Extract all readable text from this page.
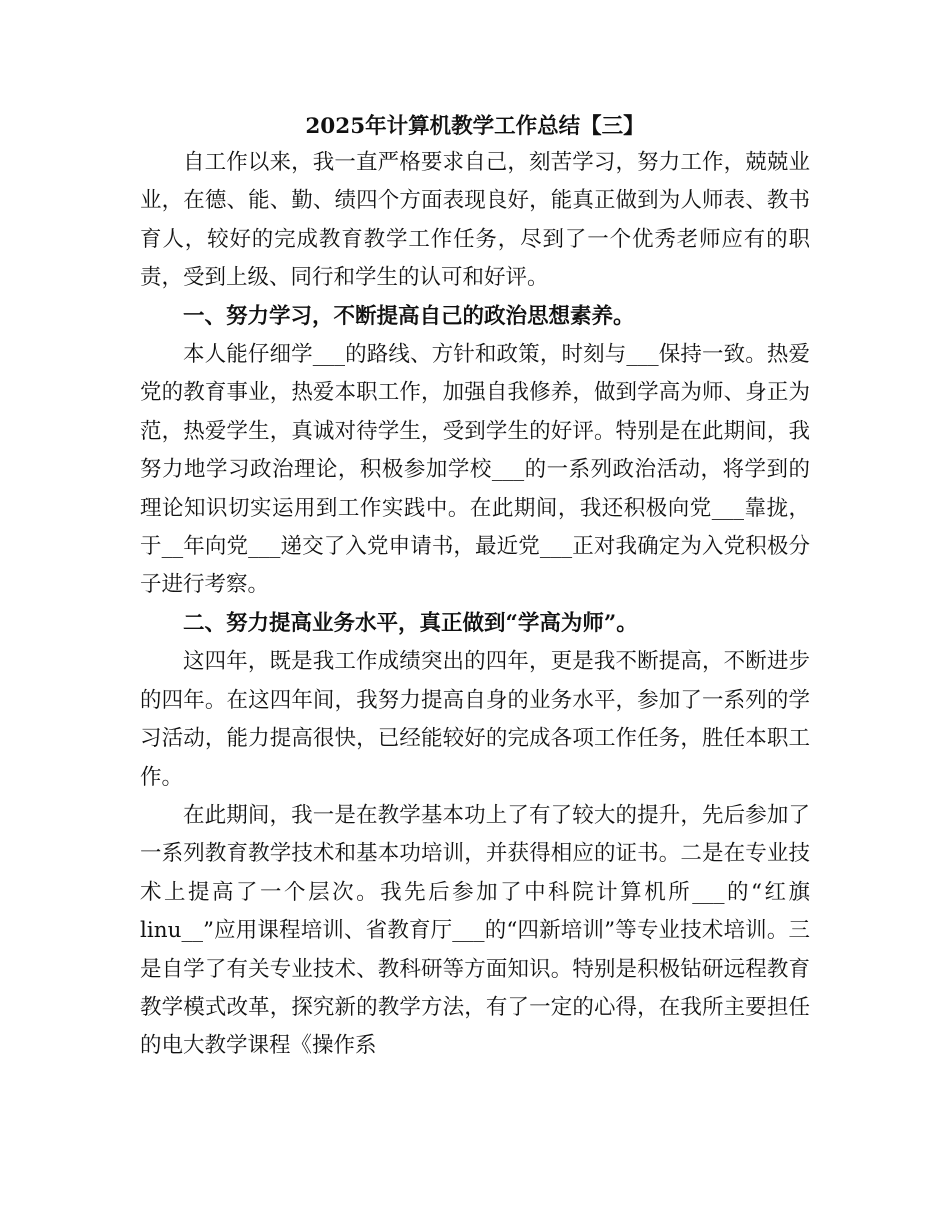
2025年计算机教学工作总结【三】

自工作以来，我一直严格要求自己，刻苦学习，努力工作，兢兢业业，在德、能、勤、绩四个方面表现良好，能真正做到为人师表、教书育人，较好的完成教育教学工作任务，尽到了一个优秀老师应有的职责，受到上级、同行和学生的认可和好评。

一、努力学习，不断提高自己的政治思想素养。

本人能仔细学___的路线、方针和政策，时刻与___保持一致。热爱党的教育事业，热爱本职工作，加强自我修养，做到学高为师、身正为范，热爱学生，真诚对待学生，受到学生的好评。特别是在此期间，我努力地学习政治理论，积极参加学校___的一系列政治活动，将学到的理论知识切实运用到工作实践中。在此期间，我还积极向党___靠拢，于__年向党___递交了入党申请书，最近党___正对我确定为入党积极分子进行考察。

二、努力提高业务水平，真正做到“学高为师”。

这四年，既是我工作成绩突出的四年，更是我不断提高，不断进步的四年。在这四年间，我努力提高自身的业务水平，参加了一系列的学习活动，能力提高很快，已经能较好的完成各项工作任务，胜任本职工作。

在此期间，我一是在教学基本功上了有了较大的提升，先后参加了一系列教育教学技术和基本功培训，并获得相应的证书。二是在专业技术上提高了一个层次。我先后参加了中科院计算机所___的“红旗linu__”应用课程培训、省教育厅___的“四新培训”等专业技术培训。三是自学了有关专业技术、教科研等方面知识。特别是积极钻研远程教育教学模式改革，探究新的教学方法，有了一定的心得，在我所主要担任的电大教学课程《操作系
